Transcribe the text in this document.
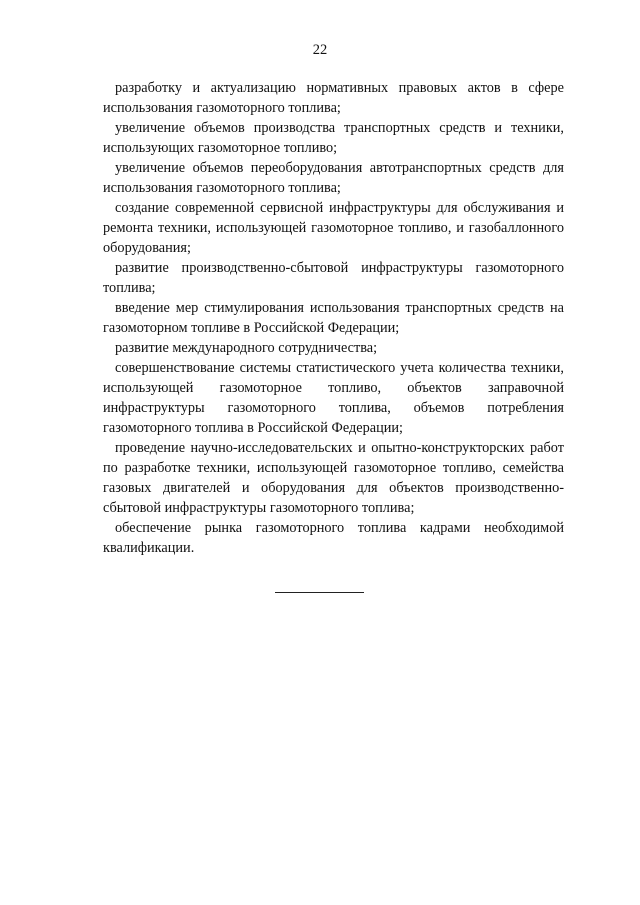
22

разработку и актуализацию нормативных правовых актов в сфере использования газомоторного топлива;

увеличение объемов производства транспортных средств и техники, использующих газомоторное топливо;

увеличение объемов переоборудования автотранспортных средств для использования газомоторного топлива;

создание современной сервисной инфраструктуры для обслуживания и ремонта техники, использующей газомоторное топливо, и газобаллонного оборудования;

развитие производственно-сбытовой инфраструктуры газомоторного топлива;

введение мер стимулирования использования транспортных средств на газомоторном топливе в Российской Федерации;

развитие международного сотрудничества;

совершенствование системы статистического учета количества техники, использующей газомоторное топливо, объектов заправочной инфраструктуры газомоторного топлива, объемов потребления газомоторного топлива в Российской Федерации;

проведение научно-исследовательских и опытно-конструкторских работ по разработке техники, использующей газомоторное топливо, семейства газовых двигателей и оборудования для объектов производственно-сбытовой инфраструктуры газомоторного топлива;

обеспечение рынка газомоторного топлива кадрами необходимой квалификации.
